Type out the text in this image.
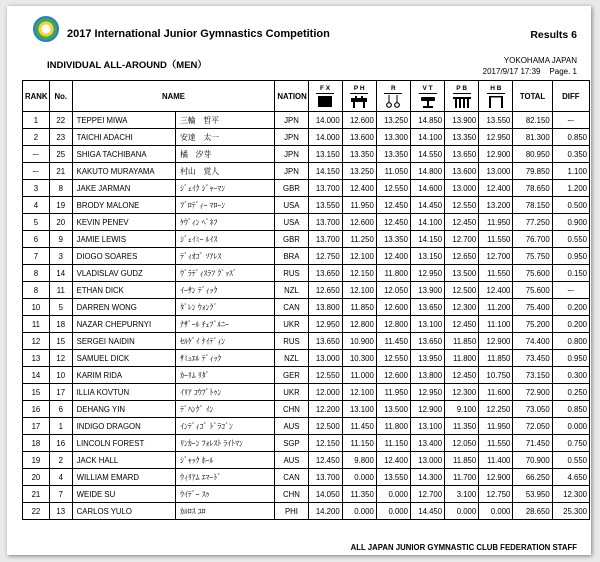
2017 International Junior Gymnastics Competition	Results 6
INDIVIDUAL ALL-AROUND（MEN）	YOKOHAMA JAPAN
2017/9/17 17:39 Page. 1
RANK	No.	NAME		NATION	F X	P H	R	V T	P B	H B	TOTAL	DIFF
1	22	TEPPEI MIWA	三輪　哲平	JPN	14.000	12.600	13.250	14.850	13.900	13.550	82.150	ー
2	23	TAICHI ADACHI	安達　太一	JPN	14.000	13.600	13.300	14.100	13.350	12.950	81.300	0.850
ー	25	SHIGA TACHIBANA	橘　汐芽	JPN	13.150	13.350	13.350	14.550	13.650	12.900	80.950	0.350
ー	21	KAKUTO MURAYAMA	村山　覚人	JPN	14.150	13.250	11.050	14.800	13.600	13.000	79.850	1.100
3	8	JAKE JARMAN	ｼﾞｪｲｸ ｼﾞｬｰﾏﾝ	GBR	13.700	12.400	12.550	14.600	13.000	12.400	78.650	1.200
4	19	BRODY MALONE	ﾌﾞﾛﾃﾞｨｰ ﾏﾛｰﾝ	USA	13.550	11.950	12.450	14.450	12.550	13.200	78.150	0.500
5	20	KEVIN PENEV	ｹｳﾞｨﾝ ﾍﾟﾈﾌ	USA	13.700	12.600	12.450	14.100	12.450	11.950	77.250	0.900
6	9	JAMIE LEWIS	ｼﾞｪｲﾐｰ ﾙｲｽ	GBR	13.700	11.250	13.350	14.150	12.700	11.550	76.700	0.550
7	3	DIOGO SOARES	ﾃﾞｨｵｺﾞ ｿｱﾚｽ	BRA	12.750	12.100	12.400	13.150	12.650	12.700	75.750	0.950
8	14	VLADISLAV GUDZ	ｳﾞﾗﾃﾞｨｽﾗﾌ ｸﾞｯｽﾞ	RUS	13.650	12.150	11.800	12.950	13.500	11.550	75.600	0.150
8	11	ETHAN DICK	ｲｰｻﾝ ﾃﾞｨｯｸ	NZL	12.650	12.100	12.050	13.900	12.500	12.400	75.600	ー
10	5	DARREN WONG	ﾀﾞﾚﾝ ｳｫﾝｸﾞ	CAN	13.800	11.850	12.600	13.650	12.300	11.200	75.400	0.200
11	18	NAZAR CHEPURNYI	ﾅｻﾞｰﾙ ﾁｪﾌﾟﾙﾆｰ	UKR	12.950	12.800	12.800	13.100	12.450	11.100	75.200	0.200
12	15	SERGEI NAIDIN	ｾﾙｹﾞｲ ﾅｲﾃﾞｨﾝ	RUS	13.650	10.900	11.450	13.650	11.850	12.900	74.400	0.800
13	12	SAMUEL DICK	ｻﾐｭｴﾙ ﾃﾞｨｯｸ	NZL	13.000	10.300	12.550	13.950	11.800	11.850	73.450	0.950
14	10	KARIM RIDA	ｶｰﾘﾑ ﾘﾀﾞ	GER	12.550	11.000	12.600	13.800	12.450	10.750	73.150	0.300
15	17	ILLIA KOVTUN	ｲﾘｱ ｺｳﾌﾞﾄｩﾝ	UKR	12.000	12.100	11.950	12.950	12.300	11.600	72.900	0.250
16	6	DEHANG YIN	ﾃﾞﾊﾝｸﾞ ｲﾝ	CHN	12.200	13.100	13.500	12.900	9.100	12.250	73.050	0.850
17	1	INDIGO DRAGON	ｲﾝﾃﾞｨｺﾞ ﾄﾞﾗｺﾞﾝ	AUS	12.500	11.450	11.800	13.100	11.350	11.950	72.050	0.000
18	16	LINCOLN FOREST	ﾘﾝｶｰﾝ ﾌｫﾚｽﾄ ﾗｲﾄﾏﾝ	SGP	12.150	11.150	11.150	13.400	12.050	11.550	71.450	0.750
19	2	JACK HALL	ｼﾞｬｯｸ ﾎｰﾙ	AUS	12.450	9.800	12.400	13.000	11.850	11.400	70.900	0.550
20	4	WILLIAM EMARD	ｳｨﾘｱﾑ ｴﾏｰﾄﾞ	CAN	13.700	0.000	13.550	14.300	11.700	12.900	66.250	4.650
21	7	WEIDE SU	ｳｲﾃﾞｰ ｽｩ	CHN	14.050	11.350	0.000	12.700	3.100	12.750	53.950	12.300
22	13	CARLOS YULO	ｶﾙﾛｽ ﾕﾛ	PHI	14.200	0.000	0.000	14.450	0.000	0.000	28.650	25.300
ALL JAPAN JUNIOR GYMNASTIC CLUB FEDERATION STAFF
